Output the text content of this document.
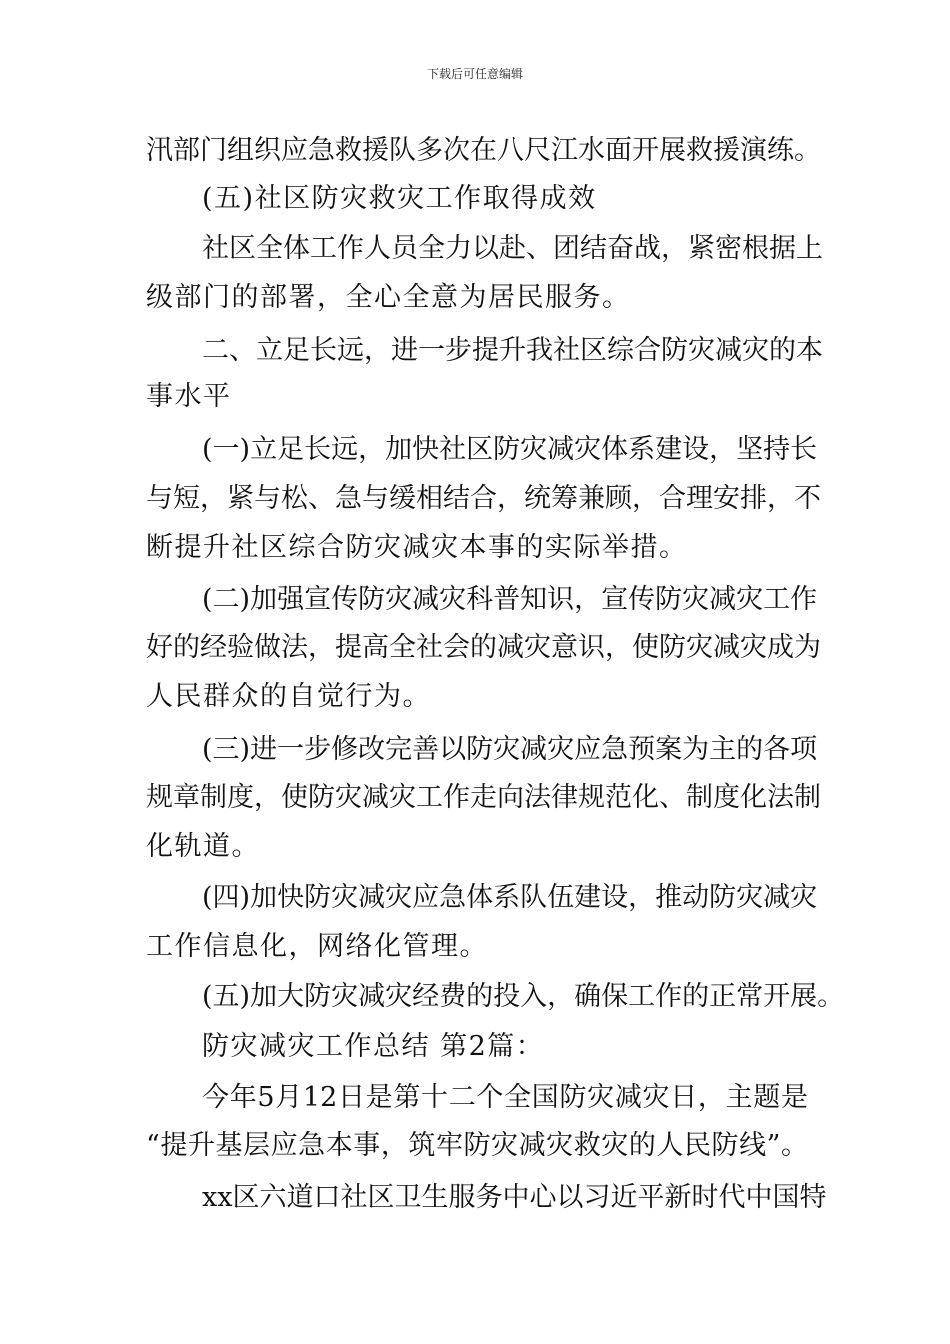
下载后可任意编辑
汛部门组织应急救援队多次在八尺江水面开展救援演练。
(五)社区防灾救灾工作取得成效
社区全体工作人员全力以赴、团结奋战，紧密根据上
级部门的部署，全心全意为居民服务。
二、立足长远，进一步提升我社区综合防灾减灾的本
事水平
(一)立足长远，加快社区防灾减灾体系建设，坚持长
与短，紧与松、急与缓相结合，统筹兼顾，合理安排，不
断提升社区综合防灾减灾本事的实际举措。
(二)加强宣传防灾减灾科普知识，宣传防灾减灾工作
好的经验做法，提高全社会的减灾意识，使防灾减灾成为
人民群众的自觉行为。
(三)进一步修改完善以防灾减灾应急预案为主的各项
规章制度，使防灾减灾工作走向法律规范化、制度化法制
化轨道。
(四)加快防灾减灾应急体系队伍建设，推动防灾减灾
工作信息化，网络化管理。
(五)加大防灾减灾经费的投入，确保工作的正常开展。
防灾减灾工作总结 第2篇：
今年5月12日是第十二个全国防灾减灾日，主题是
“提升基层应急本事，筑牢防灾减灾救灾的人民防线”。
xx区六道口社区卫生服务中心以习近平新时代中国特
